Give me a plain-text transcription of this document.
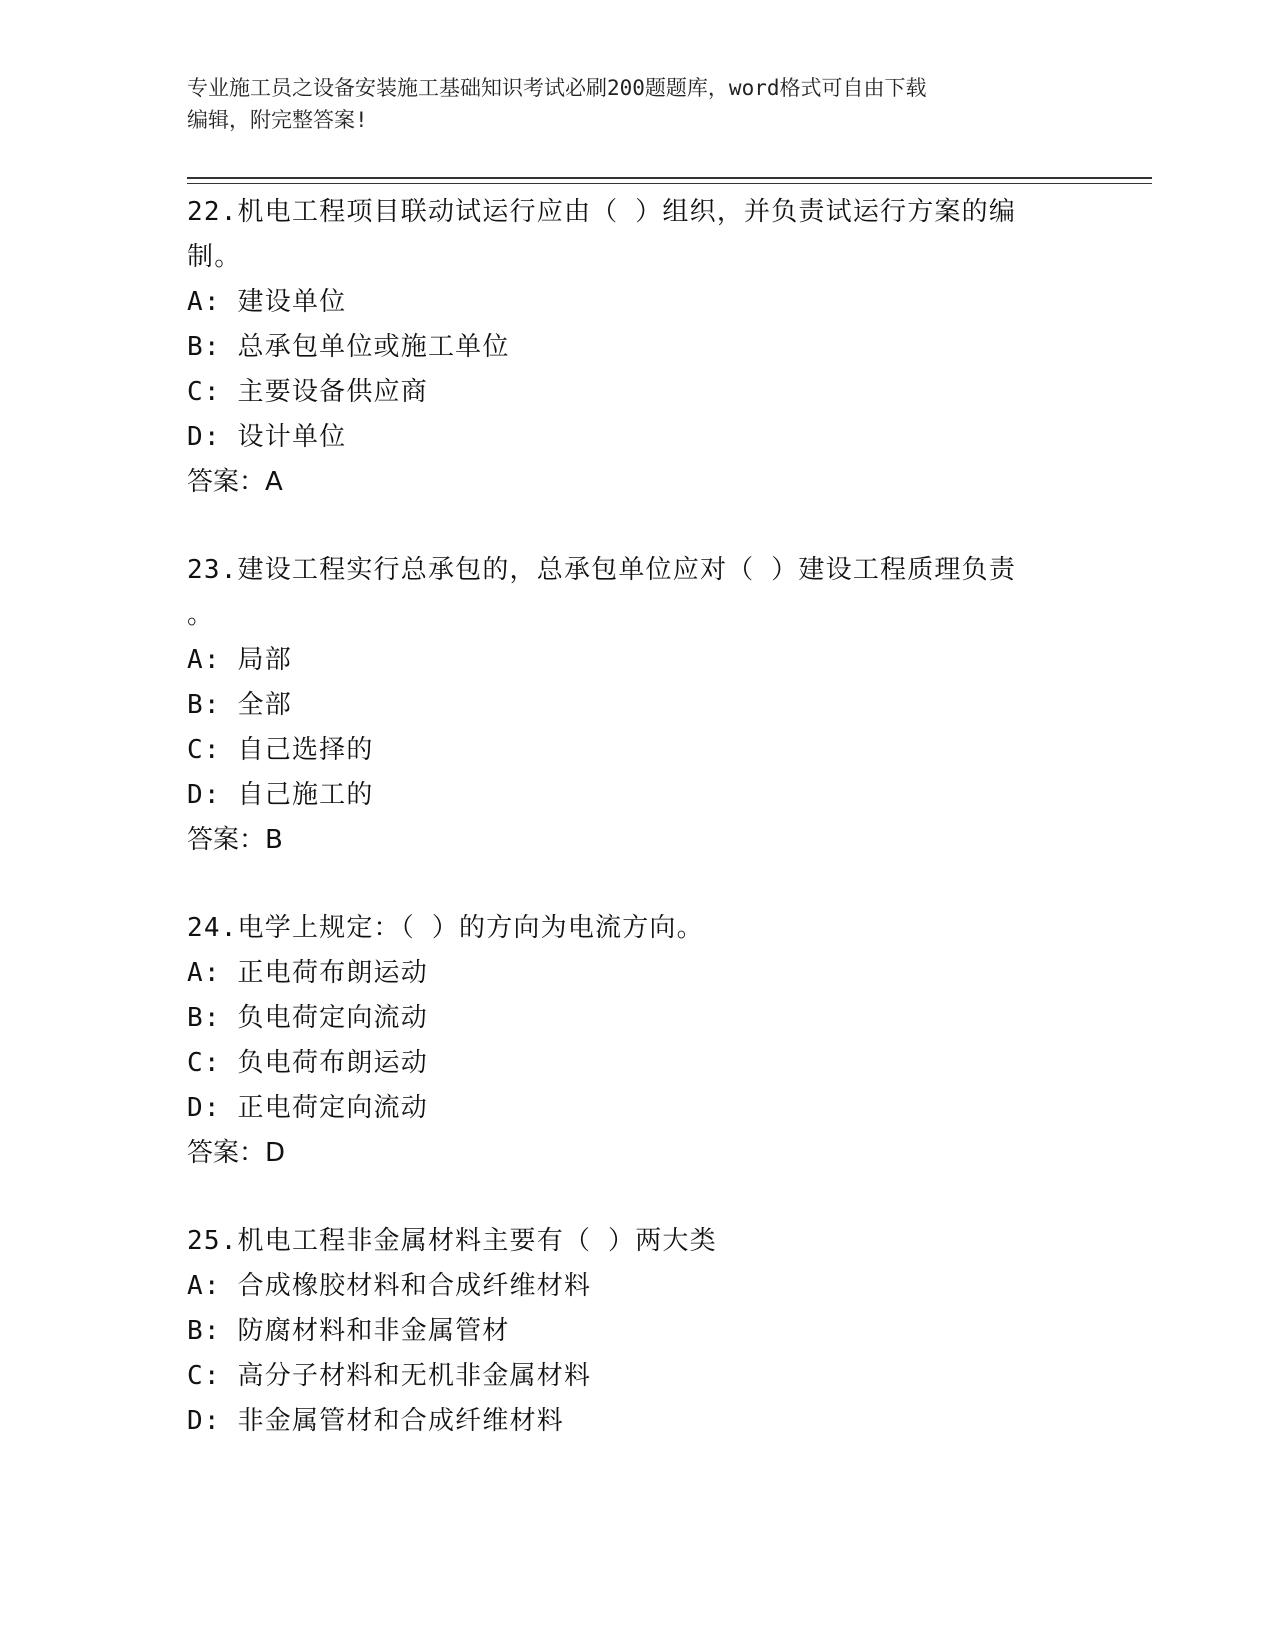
专业施工员之设备安装施工基础知识考试必刷200题题库，word格式可自由下载
编辑，附完整答案!
22.机电工程项目联动试运行应由（ ）组织，并负责试运行方案的编
制。
A: 建设单位
B: 总承包单位或施工单位
C: 主要设备供应商
D: 设计单位
答案：A
23.建设工程实行总承包的，总承包单位应对（ ）建设工程质理负责
。
A: 局部
B: 全部
C: 自己选择的
D: 自己施工的
答案：B
24.电学上规定：（ ）的方向为电流方向。
A: 正电荷布朗运动
B: 负电荷定向流动
C: 负电荷布朗运动
D: 正电荷定向流动
答案：D
25.机电工程非金属材料主要有（ ）两大类
A: 合成橡胶材料和合成纤维材料
B: 防腐材料和非金属管材
C: 高分子材料和无机非金属材料
D: 非金属管材和合成纤维材料
